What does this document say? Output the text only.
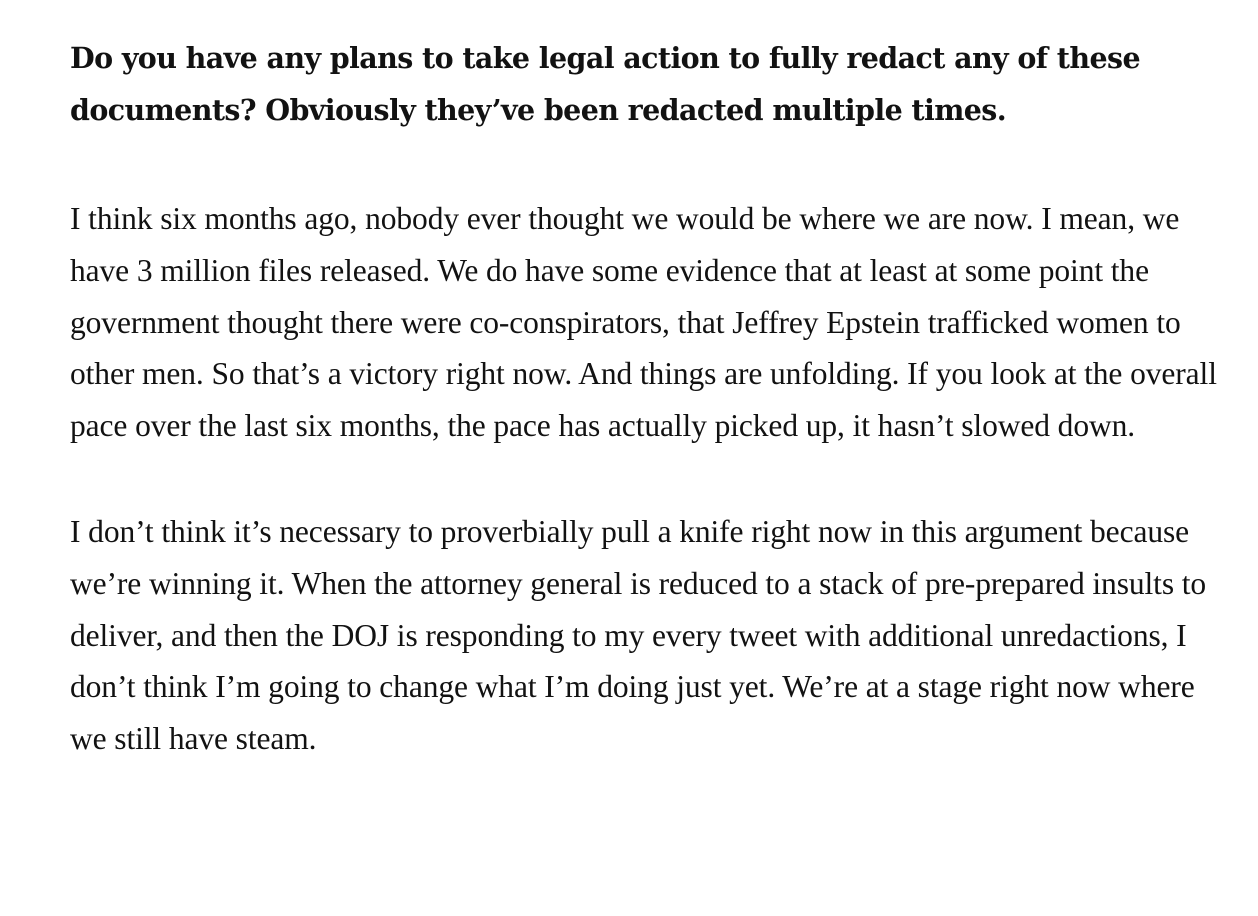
Do you have any plans to take legal action to fully redact any of these documents? Obviously they’ve been redacted multiple times.

I think six months ago, nobody ever thought we would be where we are now. I mean, we have 3 million files released. We do have some evidence that at least at some point the government thought there were co-conspirators, that Jeffrey Epstein trafficked women to other men. So that’s a victory right now. And things are unfolding. If you look at the overall pace over the last six months, the pace has actually picked up, it hasn’t slowed down.

I don’t think it’s necessary to proverbially pull a knife right now in this argument because we’re winning it. When the attorney general is reduced to a stack of pre-prepared insults to deliver, and then the DOJ is responding to my every tweet with additional unredactions, I don’t think I’m going to change what I’m doing just yet. We’re at a stage right now where we still have steam.
